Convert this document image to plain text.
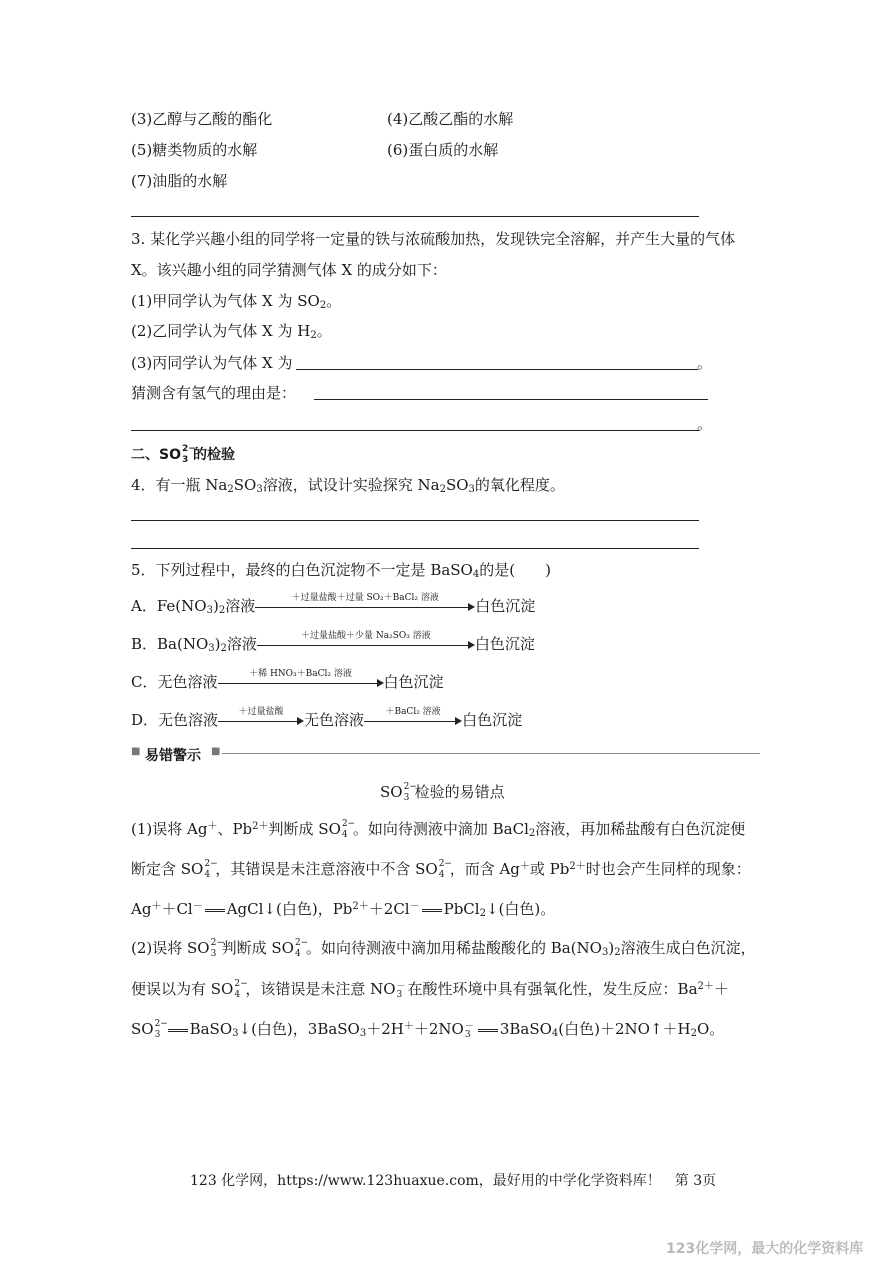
(3)乙醇与乙酸的酯化	(4)乙酸乙酯的水解
(5)糖类物质的水解	(6)蛋白质的水解
(7)油脂的水解
3. 某化学兴趣小组的同学将一定量的铁与浓硫酸加热，发现铁完全溶解，并产生大量的气体
X。该兴趣小组的同学猜测气体 X 的成分如下：
(1)甲同学认为气体 X 为 $SO_2$。
(2)乙同学认为气体 X 为 $H_2$。
(3)丙同学认为气体 X 为	。
猜测含有氢气的理由是：
。
二、SO 2−
3 的检验
4．有一瓶 $Na_2SO_3$溶液，试设计实验探究 $Na_2SO_3$的氧化程度。
5．下列过程中，最终的白色沉淀物不一定是 BaSO$_4$的是(　　)
A．$Fe(NO_3)_2$溶液	＋过量盐酸＋过量 SO₂＋BaCl₂ 溶液	白色沉淀
B．$Ba(NO_3)_2$溶液	＋过量盐酸＋少量 Na₂SO₃ 溶液	白色沉淀
C．无色溶液	＋稀 HNO₃＋BaCl₂ 溶液	白色沉淀
D．无色溶液	＋过量盐酸	无色溶液	＋BaCl₂ 溶液	白色沉淀
■ 易错警示 ■
SO 2−
3 检验的易错点
(1)误将 Ag＋、$Pb^{2+}$判断成 SO 2−
4 。如向待测液中滴加 BaCl$_2$溶液，再加稀盐酸有白色沉淀便
断定含 SO 2−
4 ，其错误是未注意溶液中不含 SO 2−
4 ，而含 Ag＋或 $Pb^{2+}$时也会产生同样的现象：
Ag＋＋Cl－ AgCl↓(白色)，$Pb^{2+}+2Cl^-$ PbCl$_2$↓(白色)。
(2)误将 SO 2−
3 判断成 SO 2−
4 。如向待测液中滴加用稀盐酸酸化的 $Ba(NO_3)_2$溶液生成白色沉淀，
便误以为有 SO 2−
4 ，该错误是未注意 NO －
3 在酸性环境中具有强氧化性，发生反应：$Ba^{2+}+$
SO 2−
3 BaSO$_3$↓(白色)，3BaSO$_3$＋2H＋＋2NO －
3 3BaSO$_4$(白色)$+2NO↑+H_2O$。
123 化学网，https://www.123huaxue.com，最好用的中学化学资料库！　第 3页
123化学网，最大的化学资料库
